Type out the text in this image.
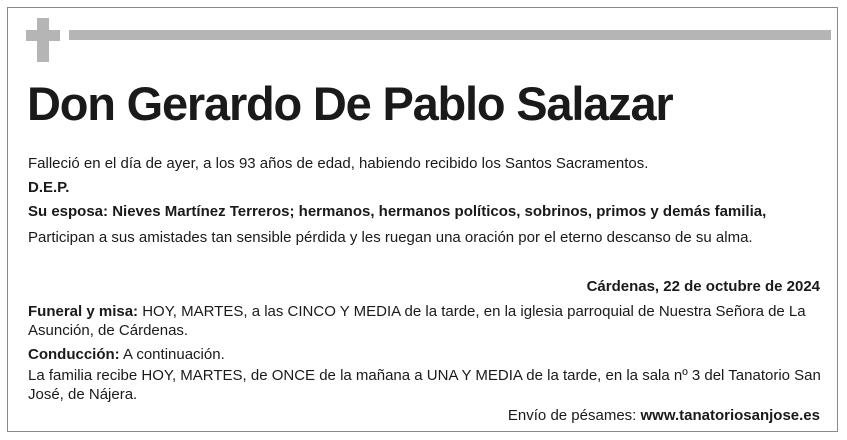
Don Gerardo De Pablo Salazar

Falleció en el día de ayer, a los 93 años de edad, habiendo recibido los Santos Sacramentos.

D.E.P.

Su esposa: Nieves Martínez Terreros; hermanos, hermanos políticos, sobrinos, primos y demás familia,

Participan a sus amistades tan sensible pérdida y les ruegan una oración por el eterno descanso de su alma.

Cárdenas, 22 de octubre de 2024

Funeral y misa: HOY, MARTES, a las CINCO Y MEDIA de la tarde, en la iglesia parroquial de Nuestra Señora de La Asunción, de Cárdenas.

Conducción: A continuación.

La familia recibe HOY, MARTES, de ONCE de la mañana a UNA Y MEDIA de la tarde, en la sala nº 3 del Tanatorio San José, de Nájera.

Envío de pésames: www.tanatoriosanjose.es
